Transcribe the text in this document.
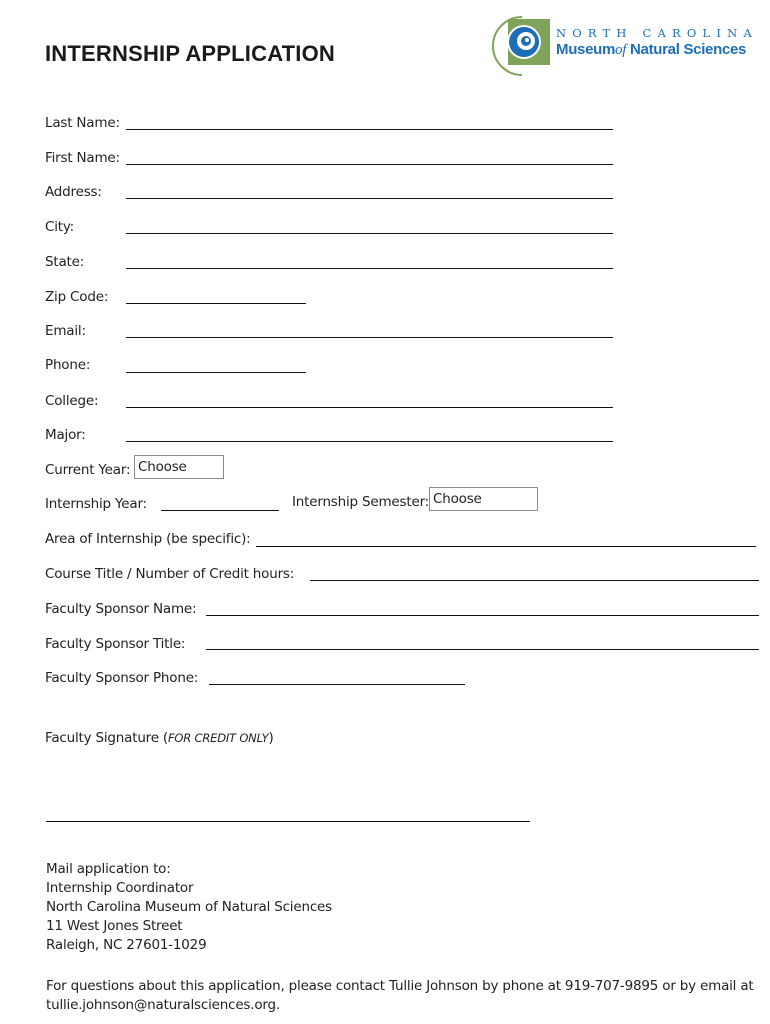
INTERNSHIP APPLICATION
NORTH CAROLINA
Museumof Natural Sciences
Last Name:
First Name:
Address:
City:
State:
Zip Code:
Email:
Phone:
College:
Major:
Current Year: Choose
Internship Year:	Internship Semester: Choose
Area of Internship (be specific):
Course Title / Number of Credit hours:
Faculty Sponsor Name:
Faculty Sponsor Title:
Faculty Sponsor Phone:
Faculty Signature (FOR CREDIT ONLY)
Mail application to:
Internship Coordinator
North Carolina Museum of Natural Sciences
11 West Jones Street
Raleigh, NC 27601-1029
For questions about this application, please contact Tullie Johnson by phone at 919-707-9895 or by email at tullie.johnson@naturalsciences.org.
